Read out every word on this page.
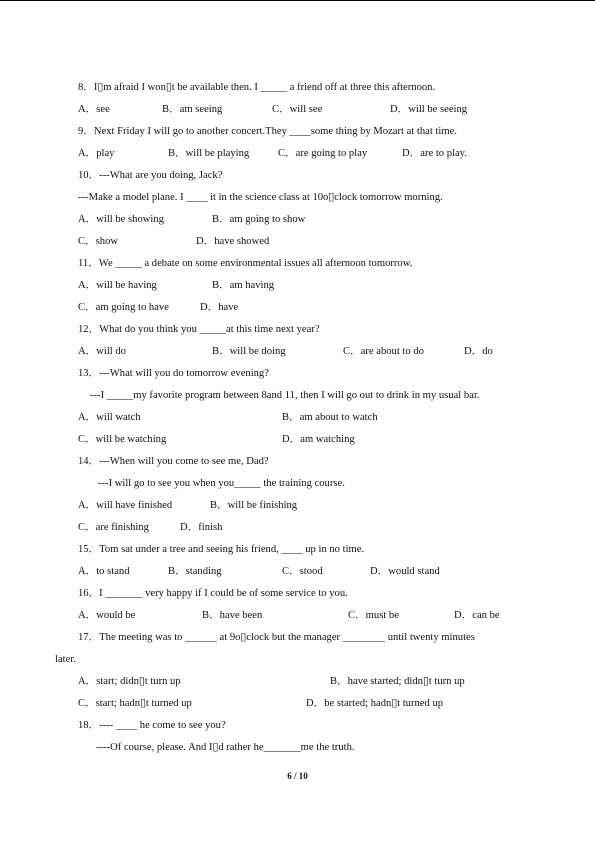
8．I▯m afraid I won▯t be available then. I _____ a friend off at three this afternoon.
A．see	B．am seeing	C．will see	D．will be seeing
9．Next Friday I will go to another concert.They ____some thing by Mozart at that time.
A．play	B．will be playing	C．are going to play	D．are to play.
10．---What are you doing, Jack?
---Make a model plane. I ____ it in the science class at 10o▯clock tomorrow morning.
A．will be showing	B．am going to show
C．show	D．have showed
11．We _____ a debate on some environmental issues all afternoon tomorrow.
A．will be having	B．am having
C．am going to have	D．have
12．What do you think you _____at this time next year?
A．will do	B．will be doing	C．are about to do	D．do
13．---What will you do tomorrow evening?
---I _____my favorite program between 8and 11, then I will go out to drink in my usual bar.
A．will watch	B．am about to watch
C．will be watching	D．am watching
14．---When will you come to see me, Dad?
---I will go to see you when you_____ the training course.
A．will have finished	B．will be finishing
C．are finishing	D．finish
15．Tom sat under a tree and seeing his friend, ____ up in no time.
A．to stand	B．standing	C．stood	D．would stand
16．I _______ very happy if I could be of some service to you.
A．would be	B．have been	C．must be	D．can be
17．The meeting was to ______ at 9o▯clock but the manager ________ until twenty minutes
later.
A．start; didn▯t turn up	B．have started; didn▯t turn up
C．start; hadn▯t turned up	D．be started; hadn▯t turned up
18．---- ____ he come to see you?
----Of course, please. And I▯d rather he_______me the truth.
6 / 10
